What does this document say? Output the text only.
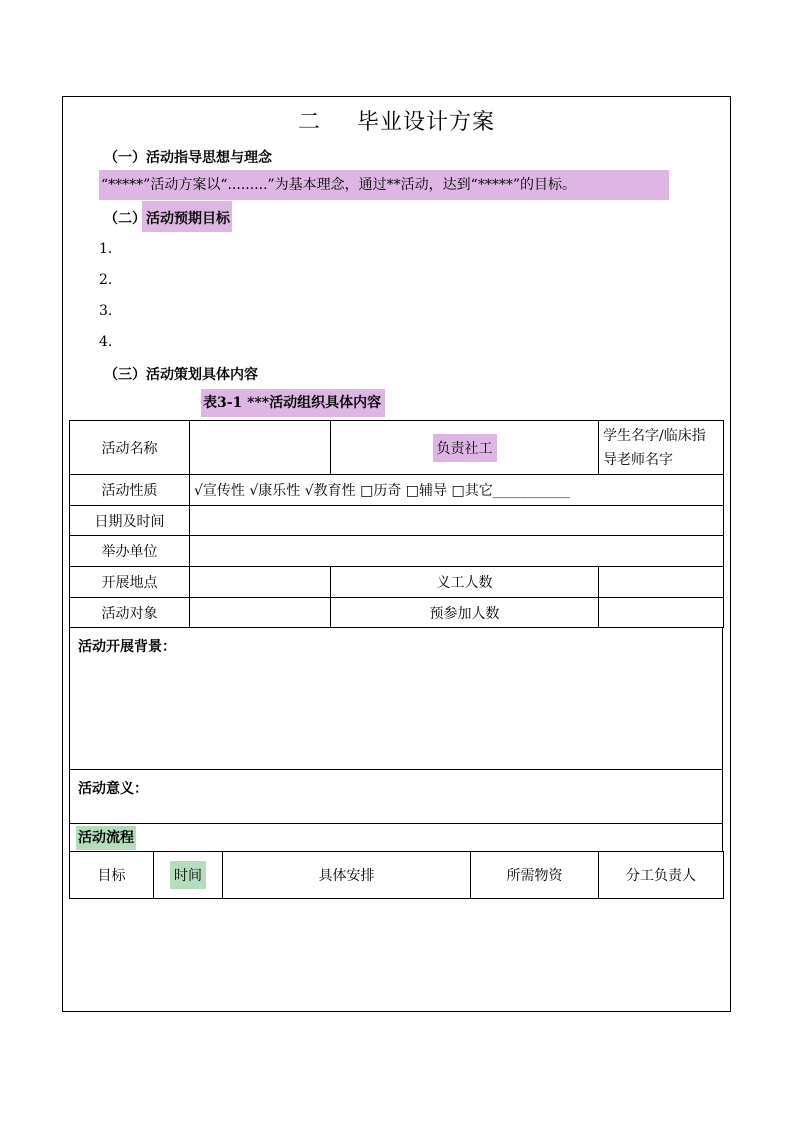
二 毕业设计方案
（一）活动指导思想与理念
“*****”活动方案以“.........”为基本理念，通过**活动，达到“*****”的目标。
（二）活动预期目标
1.
2.
3.
4.
（三）活动策划具体内容
表3-1 ***活动组织具体内容
活动名称		负责社工	学生名字/临床指导老师名字
活动性质	√宣传性 √康乐性 √教育性 □历奇 □辅导 □其它___________		
日期及时间			
举办单位			
开展地点		义工人数	
活动对象		预参加人数	
活动开展背景：
活动意义：
活动流程
目标	时间	具体安排	所需物资	分工负责人
